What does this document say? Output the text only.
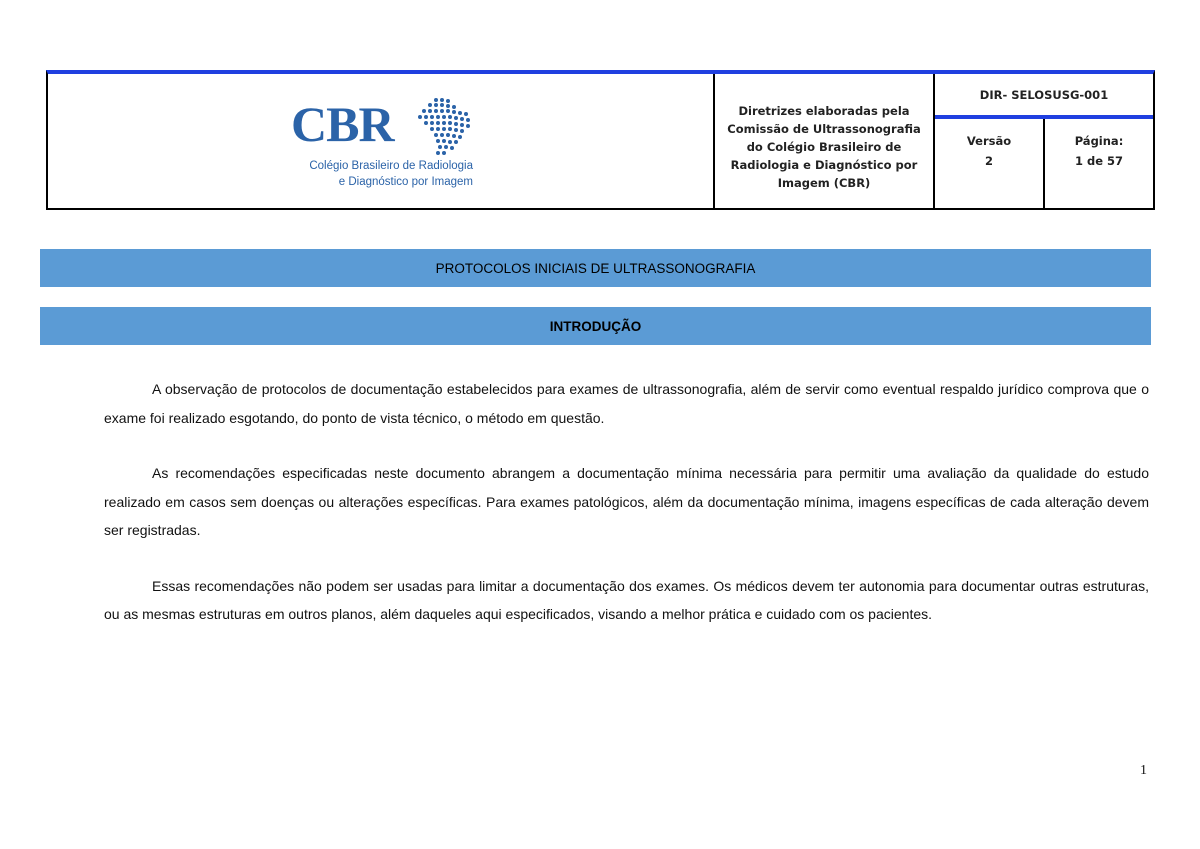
CBR
Colégio Brasileiro de Radiologia
e Diagnóstico por Imagem
Diretrizes elaboradas pela
Comissão de Ultrassonografia
do Colégio Brasileiro de
Radiologia e Diagnóstico por
Imagem (CBR)
DIR- SELOSUSG-001
Versão
2
Página:
1 de 57
PROTOCOLOS INICIAIS DE ULTRASSONOGRAFIA
INTRODUÇÃO

A observação de protocolos de documentação estabelecidos para exames de ultrassonografia, além de servir como eventual respaldo jurídico comprova que o exame foi realizado esgotando, do ponto de vista técnico, o método em questão.

As recomendações especificadas neste documento abrangem a documentação mínima necessária para permitir uma avaliação da qualidade do estudo realizado em casos sem doenças ou alterações específicas. Para exames patológicos, além da documentação mínima, imagens específicas de cada alteração devem ser registradas.

Essas recomendações não podem ser usadas para limitar a documentação dos exames. Os médicos devem ter autonomia para documentar outras estruturas, ou as mesmas estruturas em outros planos, além daqueles aqui especificados, visando a melhor prática e cuidado com os pacientes.

1
